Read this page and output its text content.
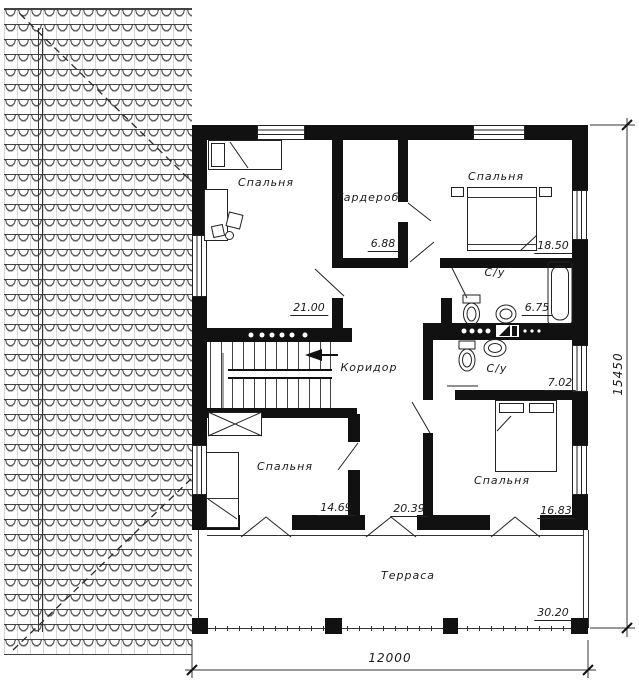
Спальня
21.00
Гардероб
6.88
Спальня
18.50
С/у
6.75
С/у
7.02
Коридор
20.39
Спальня
14.69
Спальня
16.83
Терраса
30.20
12000
15450
